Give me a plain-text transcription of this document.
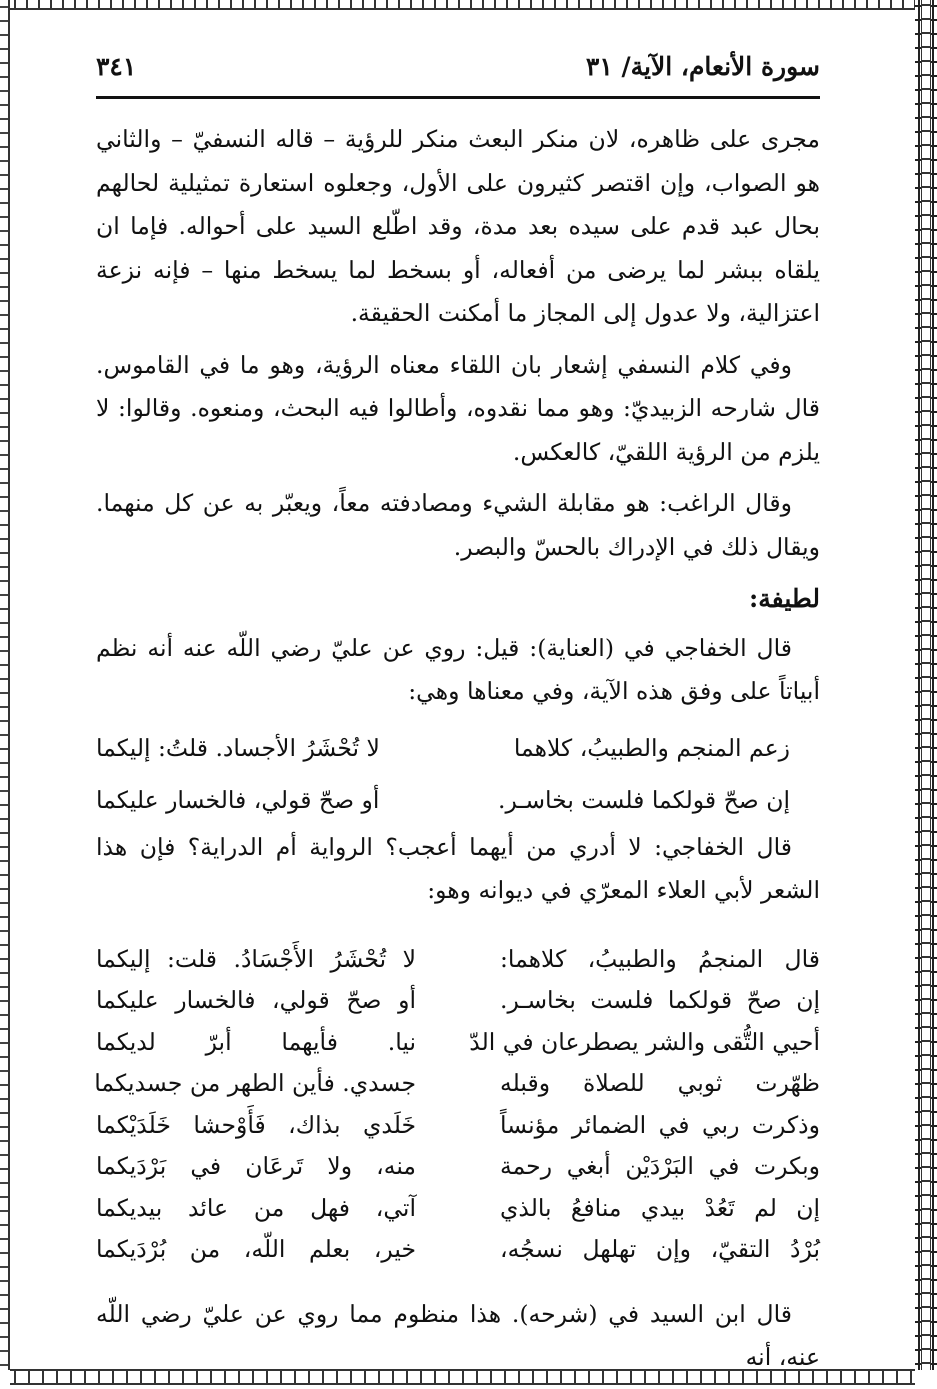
سورة الأنعام، الآية/ ٣١
٣٤١

مجرى على ظاهره، لان منكر البعث منكر للرؤية – قاله النسفيّ – والثاني هو الصواب، وإن اقتصر كثيرون على الأول، وجعلوه استعارة تمثيلية لحالهم بحال عبد قدم على سيده بعد مدة، وقد اطّلع السيد على أحواله. فإما ان يلقاه ببشر لما يرضى من أفعاله، أو بسخط لما يسخط منها – فإنه نزعة اعتزالية، ولا عدول إلى المجاز ما أمكنت الحقيقة.

وفي كلام النسفي إشعار بان اللقاء معناه الرؤية، وهو ما في القاموس. قال شارحه الزبيديّ: وهو مما نقدوه، وأطالوا فيه البحث، ومنعوه. وقالوا: لا يلزم من الرؤية اللقيّ، كالعكس.

وقال الراغب: هو مقابلة الشيء ومصادفته معاً، ويعبّر به عن كل منهما. ويقال ذلك في الإدراك بالحسّ والبصر.

لطيفة:

قال الخفاجي في (العناية): قيل: روي عن عليّ رضي اللّه عنه أنه نظم أبياتاً على وفق هذه الآية، وفي معناها وهي:

زعم المنجم والطبيبُ، كلاهما
لا تُحْشَرُ الأجساد. قلتُ: إليكما
إن صحّ قولكما فلست بخاسـر.
أو صحّ قولي، فالخسار عليكما

قال الخفاجي: لا أدري من أيهما أعجب؟ الرواية أم الدراية؟ فإن هذا الشعر لأبي العلاء المعرّي في ديوانه وهو:

قال المنجمُ والطبيبُ، كلاهما:
إن صحّ قولكما فلست بخاسـر.
أحيي التُّقى والشر يصطرعان في الدّ
ظهّرت ثوبي للصلاة وقبله
وذكرت ربي في الضمائر مؤنساً
وبكرت في البَرْدَيْن أبغي رحمة
إن لم تَعُدْ بيدي منافعُ بالذي
بُرْدُ التقيّ، وإن تهلهل نسجُه،
لا تُحْشَرُ الأَجْسَادُ. قلت: إليكما
أو صحّ قولي، فالخسار عليكما
نيا. فأيهما أبرّ لديكما
جسدي. فأين الطهر من جسديكما
خَلَدي بذاك، فَأَوْحشا خَلَدَيْكما
منه، ولا تَرعَان في بَرْدَيكما
آتي، فهل من عائد بيديكما
خير، بعلم اللّه، من بُرْدَيكما

قال ابن السيد في (شرحه). هذا منظوم مما روي عن عليّ رضي اللّه عنه، أنه
